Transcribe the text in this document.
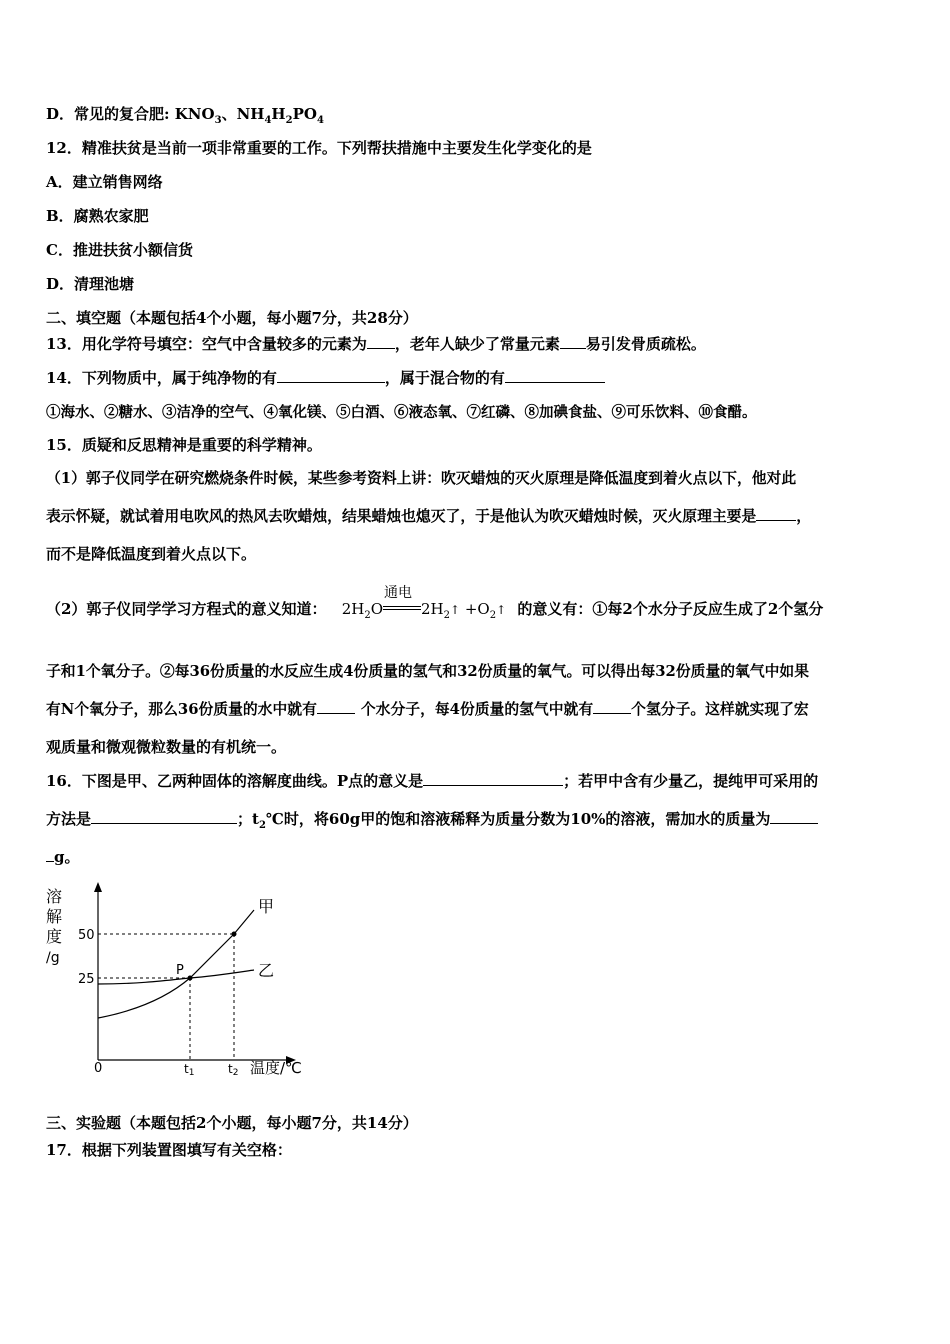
D．常见的复合肥: $KNO_3$、$NH_4H_2PO_4$
12．精准扶贫是当前一项非常重要的工作。下列帮扶措施中主要发生化学变化的是
A．建立销售网络
B．腐熟农家肥
C．推进扶贫小额信货
D．清理池塘
二、填空题（本题包括4个小题，每小题7分，共28分）
13．用化学符号填空：空气中含量较多的元素为 ，老年人缺少了常量元素 易引发骨质疏松。
14．下列物质中，属于纯净物的有	，属于混合物的有
①海水、②糖水、③洁净的空气、④氧化镁、⑤白酒、⑥液态氧、⑦红磷、⑧加碘食盐、⑨可乐饮料、⑩食醋。
15．质疑和反思精神是重要的科学精神。
（1）郭子仪同学在研究燃烧条件时候，某些参考资料上讲：吹灭蜡烛的灭火原理是降低温度到着火点以下，他对此
表示怀疑，就试着用电吹风的热风去吹蜡烛，结果蜡烛也熄灭了，于是他认为吹灭蜡烛时候，灭火原理主要是	，
而不是降低温度到着火点以下。
（2）郭子仪同学学习方程式的意义知道： $2H_2O$
通电
$2H_2↑$ $+O_2↑$ 的意义有：①每2个水分子反应生成了2个氢分
子和1个氧分子。②每36份质量的水反应生成4份质量的氢气和32份质量的氧气。可以得出每32份质量的氧气中如果
有N个氧分子，那么36份质量的水中就有	个水分子，每4份质量的氢气中就有	个氢分子。这样就实现了宏
观质量和微观微粒数量的有机统一。
16．下图是甲、乙两种固体的溶解度曲线。P点的意义是	；若甲中含有少量乙，提纯甲可采用的
方法是	；$t_2℃$时，将60g甲的饱和溶液稀释为质量分数为10%的溶液，需加水的质量为
g。
溶
解
度
/g
50
25
P
甲
乙
0	t1	t2 温度/℃
三、实验题（本题包括2个小题，每小题7分，共14分）
17．根据下列装置图填写有关空格：
